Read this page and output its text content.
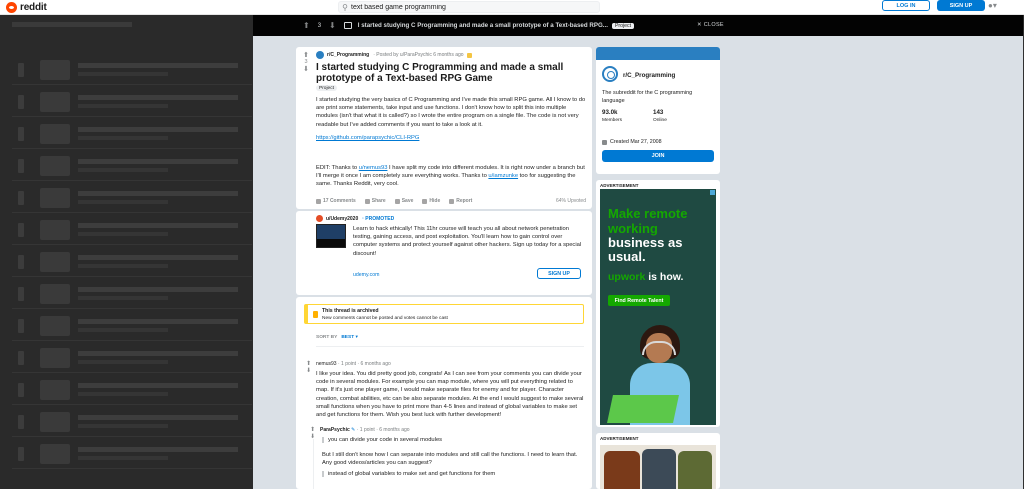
reddit	⚲
text based game programming	LOG IN	SIGN UP	●▾
⬆ 3 ⬇	I started studying C Programming and made a small prototype of a Text-based RPG...	Project	✕ CLOSE
⬆
3
⬇
r/C_Programming · Posted by u/ParaPsychic 6 months ago
I started studying C Programming and made a small prototype of a Text-based RPG Game
Project
I started studying the very basics of C Programming and I've made this small RPG game. All I know to do are print some statements, take input and use functions. I don't know how to split this into multiple modules (isn't that what it is called?) so I wrote the entire program on a single file. The code is not very readable but I've added comments if you want to take a look at it.
https://github.com/parapsychic/CLI-RPG
EDIT: Thanks to u/nemus93 I have split my code into different modules. It is right now under a branch but I'll merge it once I am completely sure everything works. Thanks to u/iamzunke too for suggesting the same. Thanks Reddit, very cool.
17 Comments	Share	Save	Hide	Report	64% Upvoted
u/Udemy2020 · PROMOTED
Learn to hack ethically! This 11hr course will teach you all about network penetration testing, gaining access, and post exploitation. You'll learn how to gain control over computer systems and protect yourself against other hackers. Sign up today for a special discount!
udemy.com	SIGN UP
This thread is archived
New comments cannot be posted and votes cannot be cast
SORT BY BEST ▾
⬆
⬇
nemus93 · 1 point · 6 months ago
I like your idea. You did pretty good job, congrats! As I can see from your comments you can divide your code in several modules. For example you can map module, where you will put everything related to map. If it's just one player game, I would make separate files for enemy and for player. Character creation, combat abilities, etc can be also separate modules. At the end I would suggest to make several small functions when you have to print more than 4-5 lines and instead of global variables to make set and get functions for them. Wish you best luck with further development!
⬆
⬇
ParaPsychic ✎ · 1 point · 6 months ago
you can divide your code in several modules
But I still don't know how I can separate into modules and still call the functions. I need to learn that. Any good videos/articles you can suggest?
instead of global variables to make set and get functions for them
r/C_Programming
The subreddit for the C programming language
93.0k
Members
143
Online
Created Mar 27, 2008
JOIN
ADVERTISEMENT
Make remote working
business as usual.
upwork is how.
Find Remote Talent
ADVERTISEMENT
